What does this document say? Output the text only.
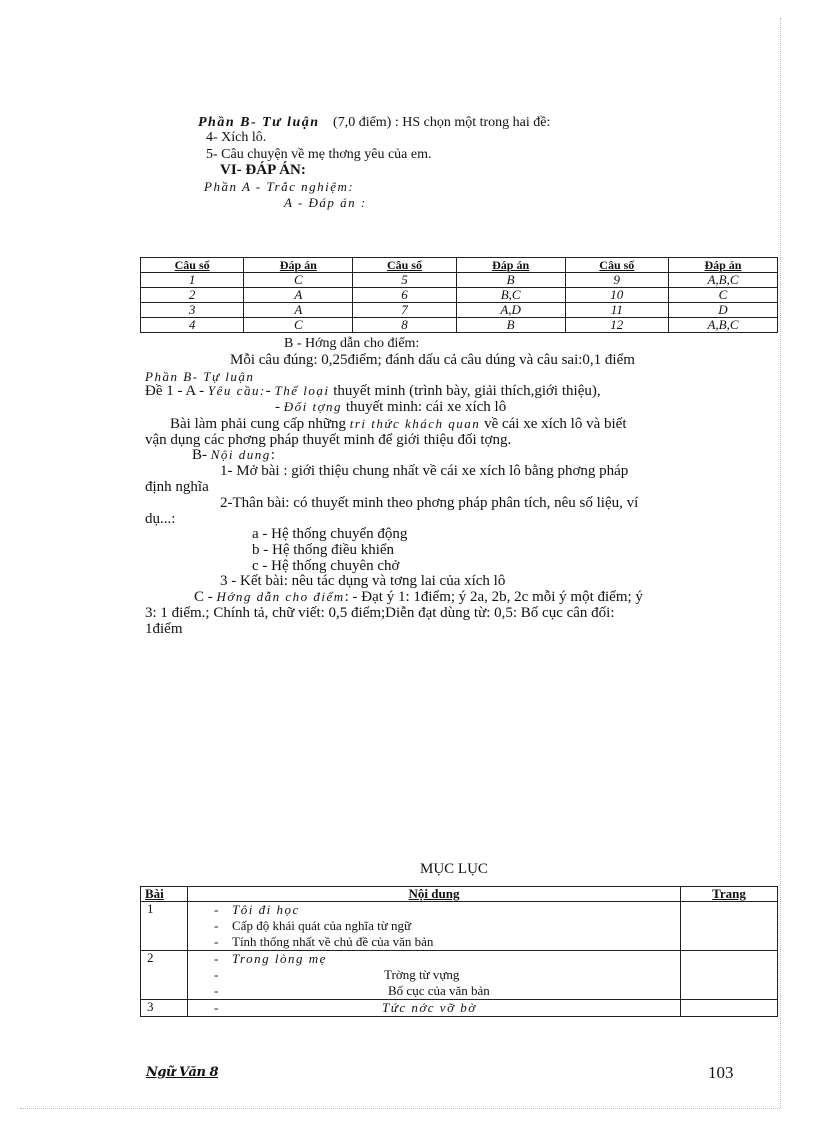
Phần B- Tư luận (7,0 điểm) : HS chọn một trong hai đề:
4- Xích lô.
5- Câu chuyện về mẹ thơng yêu của em.
VI- ĐÁP ÁN:
Phần A - Trắc nghiệm:
A - Đáp án :
Câu số	Đáp án	Câu số	Đáp án	Câu số	Đáp án
1	C	5	B	9	A,B,C
2	A	6	B,C	10	C
3	A	7	A,D	11	D
4	C	8	B	12	A,B,C
B - Hớng dẫn cho điểm:
Mỗi câu đúng: 0,25điểm; đánh dấu cả câu dúng và câu sai:0,1 điểm
Phần B- Tự luận
Đề 1 - A - Yêu cầu:- Thể loại thuyết minh (trình bày, giải thích,giới thiệu),
- Đối tợng thuyết minh: cái xe xích lô
Bài làm phải cung cấp những tri thức khách quan về cái xe xích lô và biết
vận dụng các phơng pháp thuyết minh để giới thiệu đối tợng.
B- Nội dung:
1- Mở bài : giới thiệu chung nhất về cái xe xích lô bằng phơng pháp
định nghĩa
2-Thân bài: có thuyết minh theo phơng pháp phân tích, nêu số liệu, ví
dụ...:
a - Hệ thống chuyển động
b - Hệ thống điều khiển
c - Hệ thống chuyên chở
3 - Kết bài: nêu tác dụng và tơng lai của xích lô
C - Hớng dẫn cho điểm: - Đạt ý 1: 1điểm; ý 2a, 2b, 2c mỗi ý một điểm; ý
3: 1 điểm.; Chính tả, chữ viết: 0,5 điểm;Diễn đạt dùng từ: 0,5: Bố cục cân đối:
1điểm
MỤC LỤC
Bài	Nội dung	Trang
1	- Tôi đi học
- Cấp độ khái quát của nghĩa từ ngữ
- Tính thống nhất về chủ đề của văn bản	

2	- Trong lòng mẹ
- Trờng từ vựng
- Bố cục của văn bản	

3	- Tức nớc vỡ bờ	

Ngữ Văn 8	103
